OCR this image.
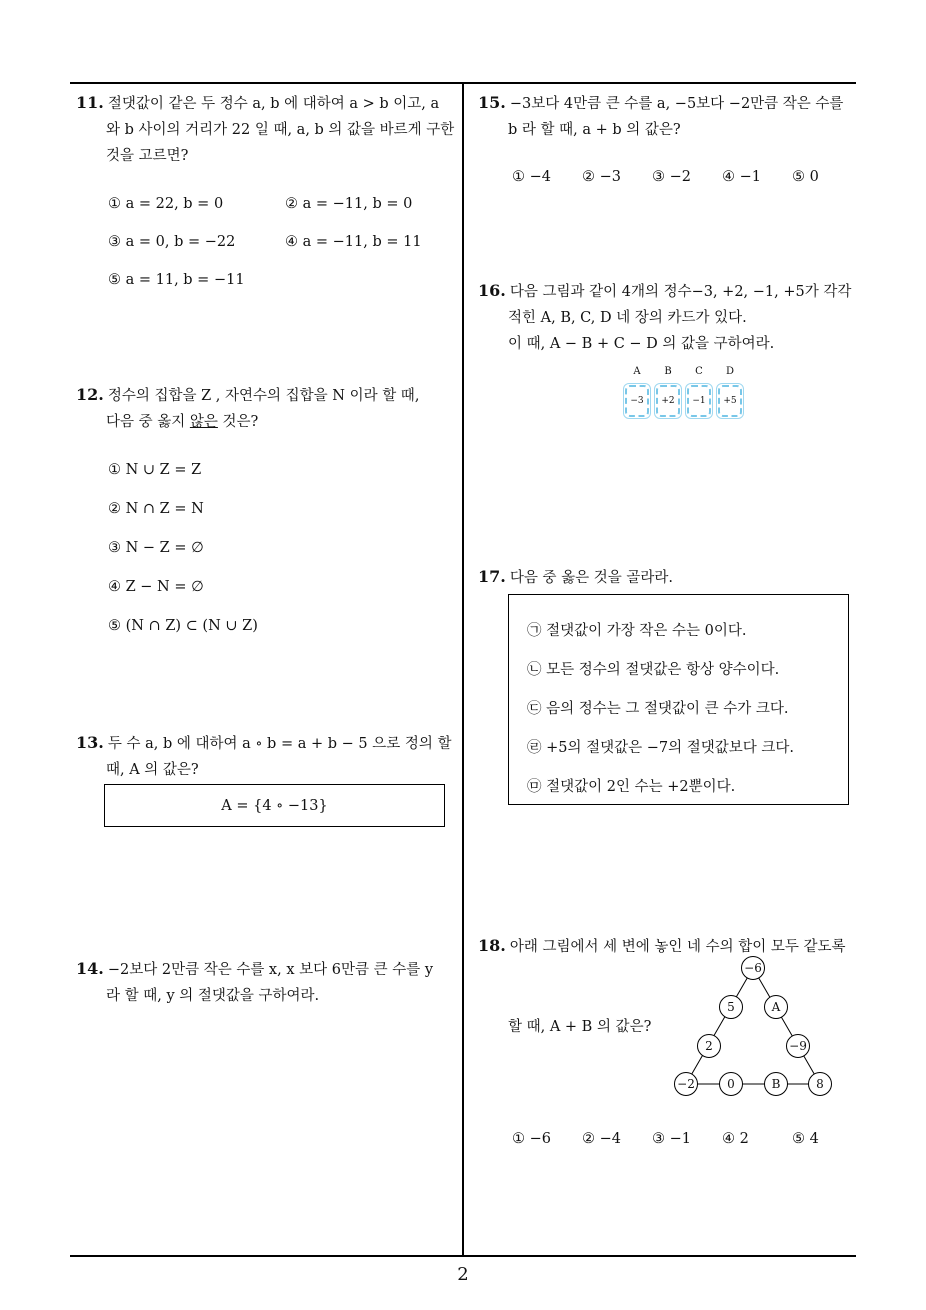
2
11. 절댓값이 같은 두 정수 a, b 에 대하여 a > b 이고, a
와 b 사이의 거리가 22 일 때, a, b 의 값을 바르게 구한
것을 고르면?
① a = 22, b = 0	② a = −11, b = 0
③ a = 0, b = −22	④ a = −11, b = 11
⑤ a = 11, b = −11
12. 정수의 집합을 Z , 자연수의 집합을 N 이라 할 때,
다음 중 옳지 않은 것은?
① N ∪ Z = Z
② N ∩ Z = N
③ N − Z = ∅
④ Z − N = ∅
⑤ (N ∩ Z) ⊂ (N ∪ Z)
13. 두 수 a, b 에 대하여 a ∘ b = a + b − 5 으로 정의 할
때, A 의 값은?
A = {4 ∘ −13}
14. −2보다 2만큼 작은 수를 x, x 보다 6만큼 큰 수를 y
라 할 때, y 의 절댓값을 구하여라.
15. −3보다 4만큼 큰 수를 a, −5보다 −2만큼 작은 수를
b 라 할 때, a + b 의 값은?
① −4 ② −3 ③ −2 ④ −1 ⑤ 0
16. 다음 그림과 같이 4개의 정수−3, +2, −1, +5가 각각
적힌 A, B, C, D 네 장의 카드가 있다.
이 때, A − B + C − D 의 값을 구하여라.
A	B	C	D
−3	+2	−1	+5
17. 다음 중 옳은 것을 골라라.
㉠ 절댓값이 가장 작은 수는 0이다.
㉡ 모든 정수의 절댓값은 항상 양수이다.
㉢ 음의 정수는 그 절댓값이 큰 수가 크다.
㉣ +5의 절댓값은 −7의 절댓값보다 크다.
㉤ 절댓값이 2인 수는 +2뿐이다.
18. 아래 그림에서 세 변에 놓인 네 수의 합이 모두 같도록
할 때, A + B 의 값은?
−6
5	A
2	−9
−2	0	B	8
① −6 ② −4 ③ −1 ④ 2	⑤ 4
